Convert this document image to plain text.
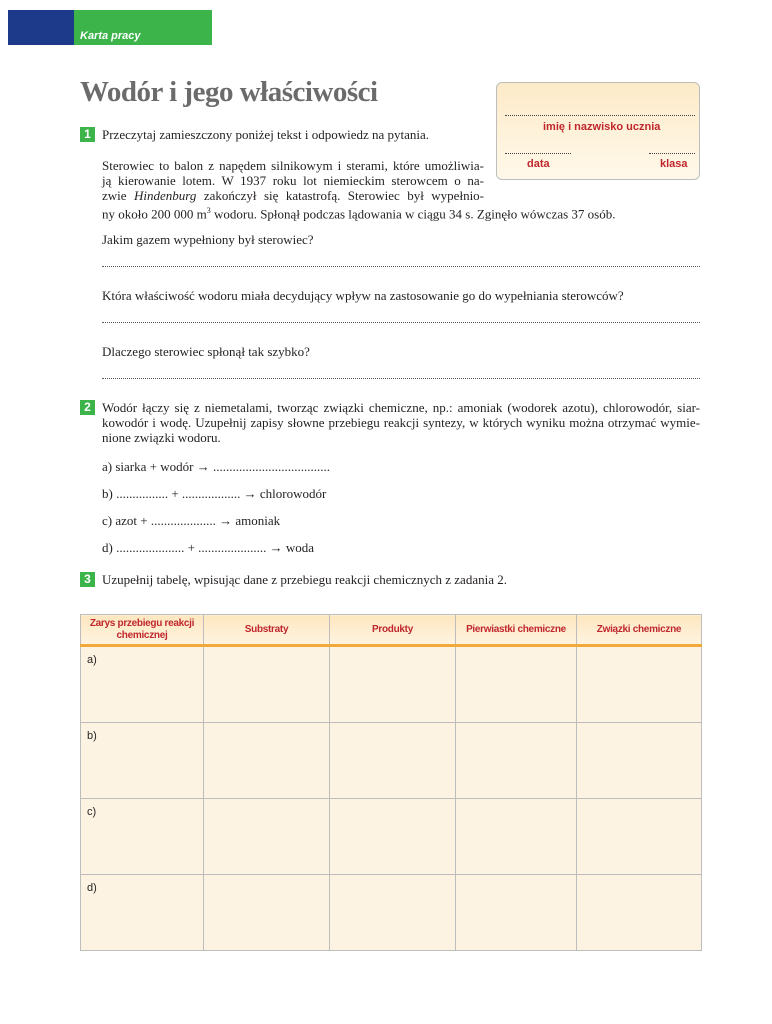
Karta pracy
Wodór i jego właściwości
imię i nazwisko ucznia
data	klasa
1 Przeczytaj zamieszczony poniżej tekst i odpowiedz na pytania.
Sterowiec to balon z napędem silnikowym i sterami, które umożliwia-
ją kierowanie lotem. W 1937 roku lot niemieckim sterowcem o na-
zwie Hindenburg zakończył się katastrofą. Sterowiec był wypełnio-
ny około 200 000 $m^3$ wodoru. Spłonął podczas lądowania w ciągu 34 s. Zginęło wówczas 37 osób.
Jakim gazem wypełniony był sterowiec?
Która właściwość wodoru miała decydujący wpływ na zastosowanie go do wypełniania sterowców?
Dlaczego sterowiec spłonął tak szybko?
2 Wodór łączy się z niemetalami, tworząc związki chemiczne, np.: amoniak (wodorek azotu), chlorowodór, siar-
kowodór i wodę. Uzupełnij zapisy słowne przebiegu reakcji syntezy, w których wyniku można otrzymać wymie-
nione związki wodoru.
a) siarka + wodór → ....................................
b) ................ + .................. → chlorowodór
c) azot + .................... → amoniak
d) ..................... + ..................... → woda
3 Uzupełnij tabelę, wpisując dane z przebiegu reakcji chemicznych z zadania 2.
Zarys przebiegu reakcji chemicznej	Substraty	Produkty	Pierwiastki chemiczne	Związki chemiczne
a)				
b)				
c)				
d)				
